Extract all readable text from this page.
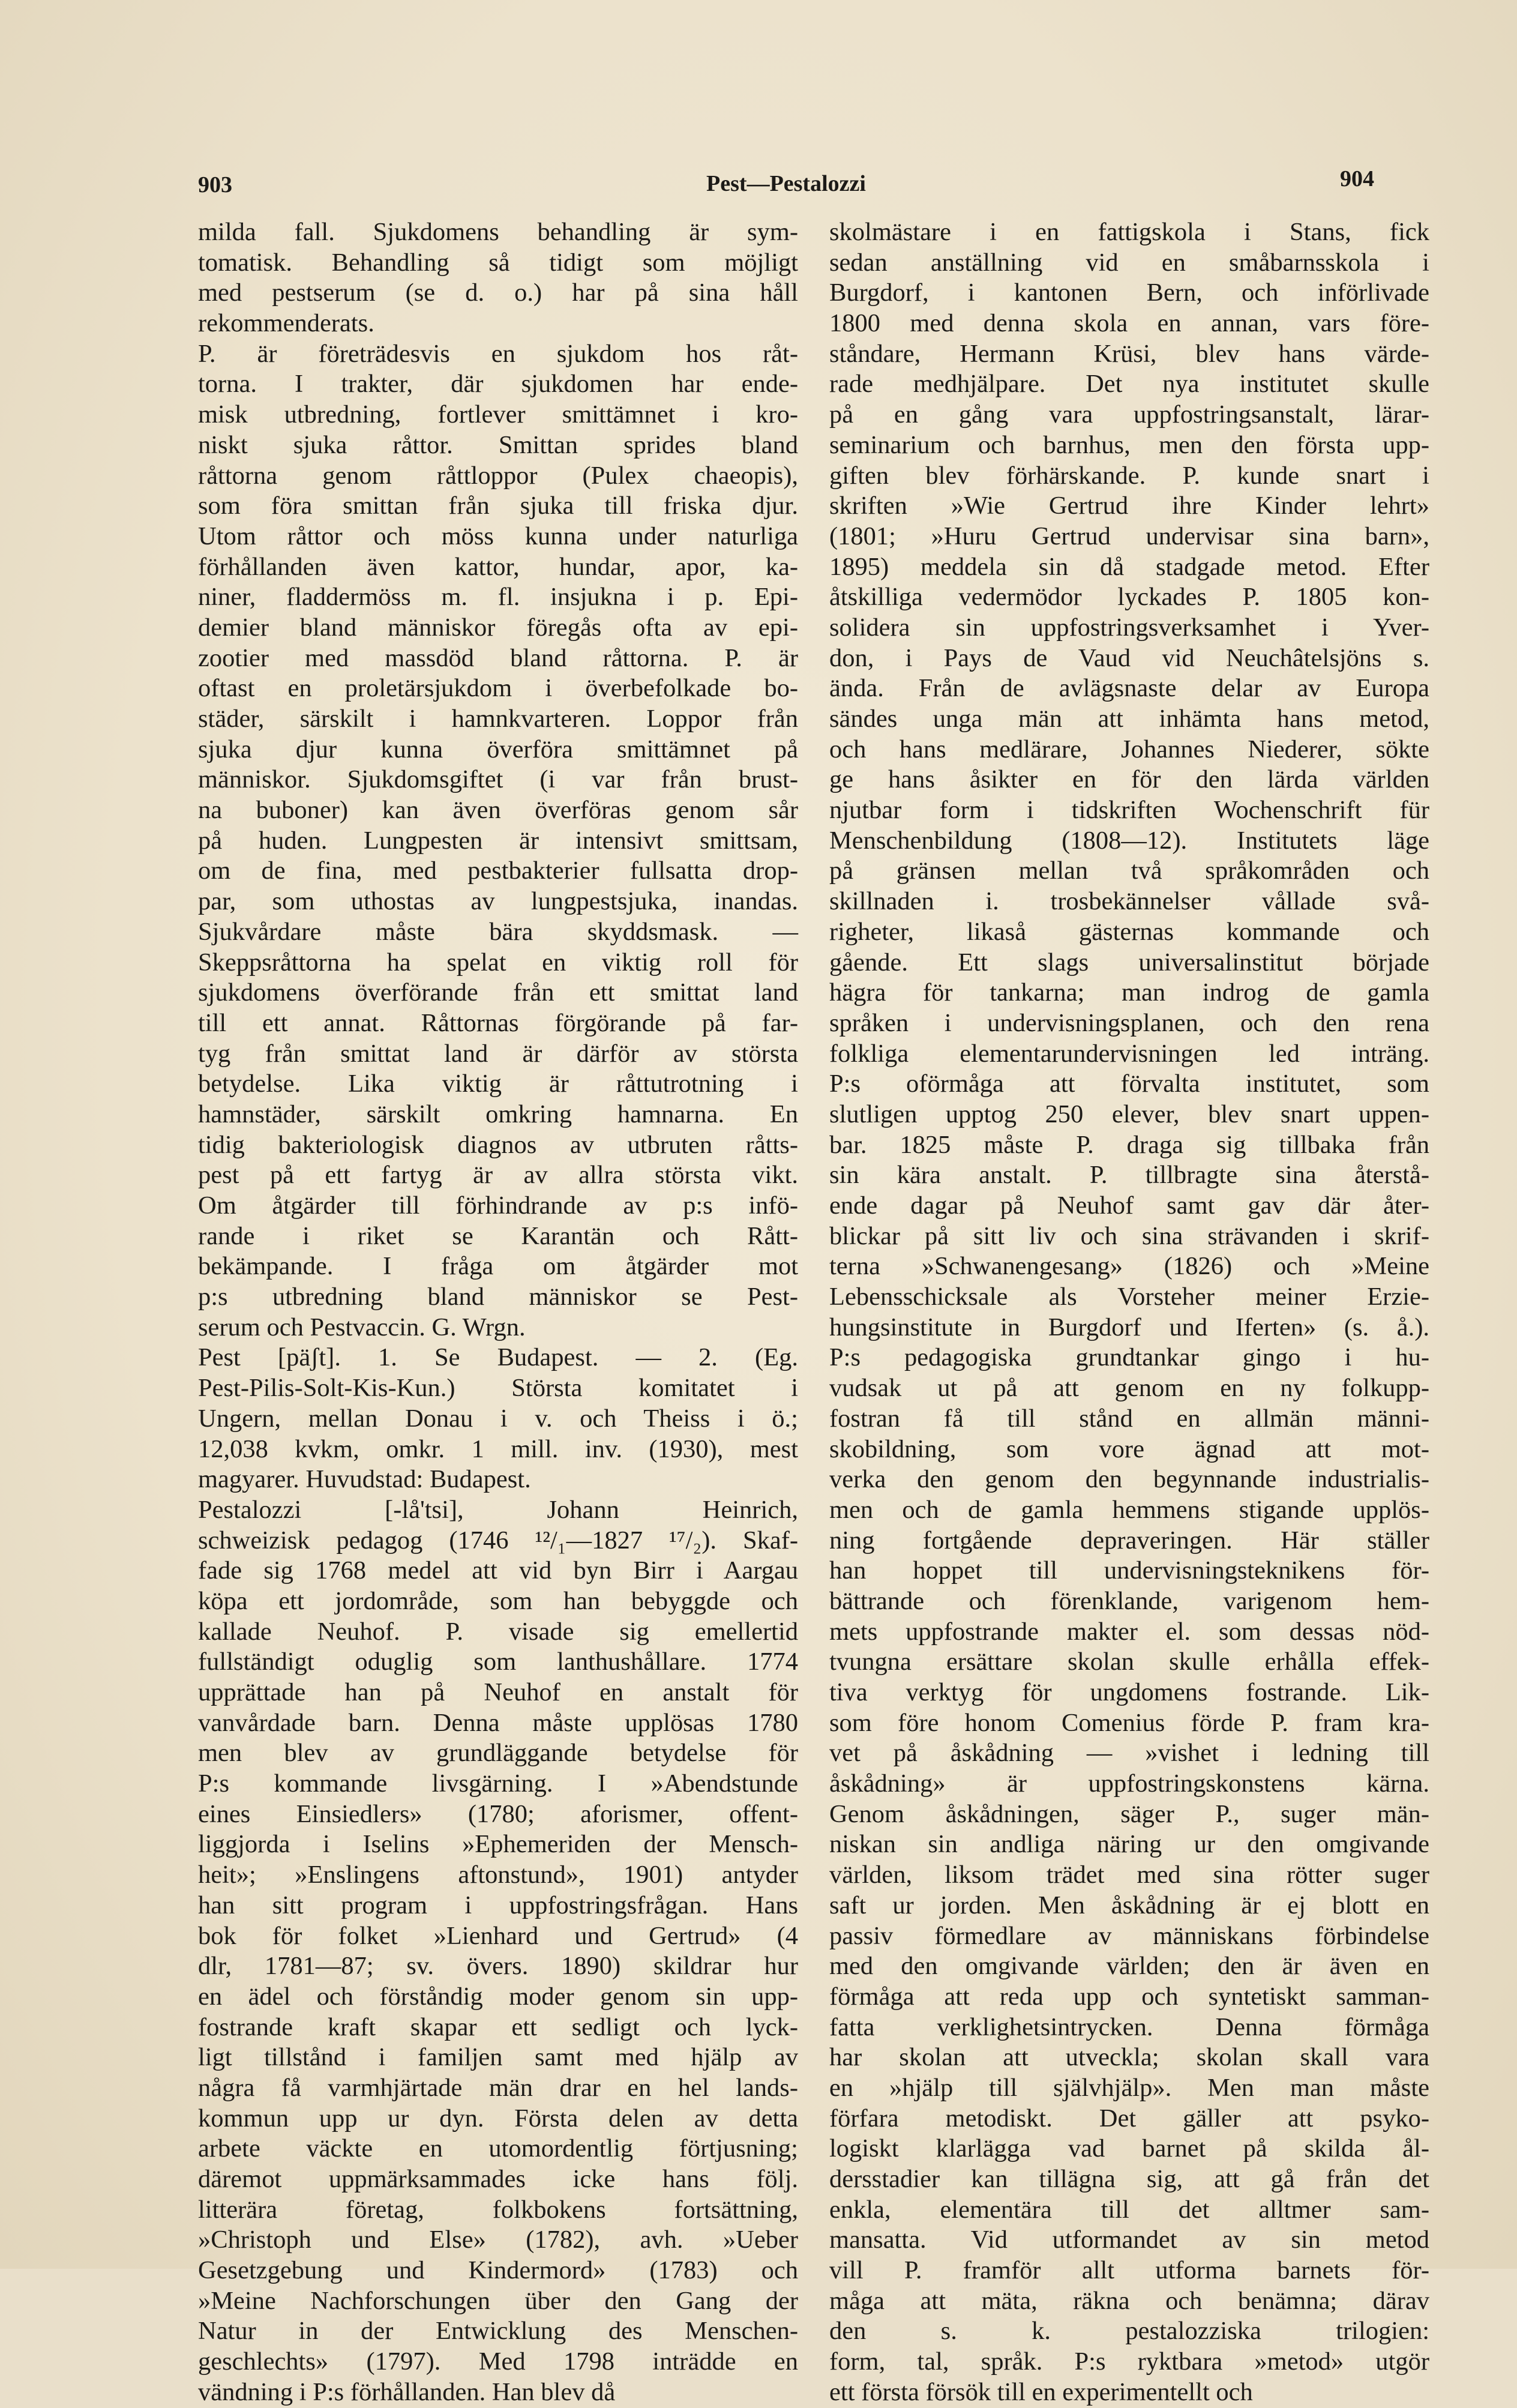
903	Pest—Pestalozzi	904
milda fall. Sjukdomens behandling är sym-
tomatisk. Behandling så tidigt som möjligt
med pestserum (se d. o.) har på sina håll
rekommenderats.
P. är företrädesvis en sjukdom hos råt-
torna. I trakter, där sjukdomen har ende-
misk utbredning, fortlever smittämnet i kro-
niskt sjuka råttor. Smittan sprides bland
råttorna genom råttloppor (Pulex chaeopis),
som föra smittan från sjuka till friska djur.
Utom råttor och möss kunna under naturliga
förhållanden även kattor, hundar, apor, ka-
niner, fladdermöss m. fl. insjukna i p. Epi-
demier bland människor föregås ofta av epi-
zootier med massdöd bland råttorna. P. är
oftast en proletärsjukdom i överbefolkade bo-
städer, särskilt i hamnkvarteren. Loppor från
sjuka djur kunna överföra smittämnet på
människor. Sjukdomsgiftet (i var från brust-
na buboner) kan även överföras genom sår
på huden. Lungpesten är intensivt smittsam,
om de fina, med pestbakterier fullsatta drop-
par, som uthostas av lungpestsjuka, inandas.
Sjukvårdare måste bära skyddsmask. —
Skeppsråttorna ha spelat en viktig roll för
sjukdomens överförande från ett smittat land
till ett annat. Råttornas förgörande på far-
tyg från smittat land är därför av största
betydelse. Lika viktig är råttutrotning i
hamnstäder, särskilt omkring hamnarna. En
tidig bakteriologisk diagnos av utbruten råtts-
pest på ett fartyg är av allra största vikt.
Om åtgärder till förhindrande av p:s infö-
rande i riket se Karantän och Rått-
bekämpande. I fråga om åtgärder mot
p:s utbredning bland människor se Pest-
serum och Pestvaccin. G. Wrgn.
Pest [päʃt]. 1. Se Budapest. — 2. (Eg.
Pest-Pilis-Solt-Kis-Kun.) Största komitatet i
Ungern, mellan Donau i v. och Theiss i ö.;
12,038 kvkm, omkr. 1 mill. inv. (1930), mest
magyarer. Huvudstad: Budapest.
Pestalozzi [-lå'tsi], Johann Heinrich,
schweizisk pedagog (1746 ¹²/₁—1827 ¹⁷/₂). Skaf-
fade sig 1768 medel att vid byn Birr i Aargau
köpa ett jordområde, som han bebyggde och
kallade Neuhof. P. visade sig emellertid
fullständigt oduglig som lanthushållare. 1774
upprättade han på Neuhof en anstalt för
vanvårdade barn. Denna måste upplösas 1780
men blev av grundläggande betydelse för
P:s kommande livsgärning. I »Abendstunde
eines Einsiedlers» (1780; aforismer, offent-
liggjorda i Iselins »Ephemeriden der Mensch-
heit»; »Enslingens aftonstund», 1901) antyder
han sitt program i uppfostringsfrågan. Hans
bok för folket »Lienhard und Gertrud» (4
dlr, 1781—87; sv. övers. 1890) skildrar hur
en ädel och förståndig moder genom sin upp-
fostrande kraft skapar ett sedligt och lyck-
ligt tillstånd i familjen samt med hjälp av
några få varmhjärtade män drar en hel lands-
kommun upp ur dyn. Första delen av detta
arbete väckte en utomordentlig förtjusning;
däremot uppmärksammades icke hans följ.
litterära företag, folkbokens fortsättning,
»Christoph und Else» (1782), avh. »Ueber
Gesetzgebung und Kindermord» (1783) och
»Meine Nachforschungen über den Gang der
Natur in der Entwicklung des Menschen-
geschlechts» (1797). Med 1798 inträdde en
vändning i P:s förhållanden. Han blev då
skolmästare i en fattigskola i Stans, fick
sedan anställning vid en småbarnsskola i
Burgdorf, i kantonen Bern, och införlivade
1800 med denna skola en annan, vars före-
ståndare, Hermann Krüsi, blev hans värde-
rade medhjälpare. Det nya institutet skulle
på en gång vara uppfostringsanstalt, lärar-
seminarium och barnhus, men den första upp-
giften blev förhärskande. P. kunde snart i
skriften »Wie Gertrud ihre Kinder lehrt»
(1801; »Huru Gertrud undervisar sina barn»,
1895) meddela sin då stadgade metod. Efter
åtskilliga vedermödor lyckades P. 1805 kon-
solidera sin uppfostringsverksamhet i Yver-
don, i Pays de Vaud vid Neuchâtelsjöns s.
ända. Från de avlägsnaste delar av Europa
sändes unga män att inhämta hans metod,
och hans medlärare, Johannes Niederer, sökte
ge hans åsikter en för den lärda världen
njutbar form i tidskriften Wochenschrift für
Menschenbildung (1808—12). Institutets läge
på gränsen mellan två språkområden och
skillnaden i. trosbekännelser vållade svå-
righeter, likaså gästernas kommande och
gående. Ett slags universalinstitut började
hägra för tankarna; man indrog de gamla
språken i undervisningsplanen, och den rena
folkliga elementarundervisningen led inträng.
P:s oförmåga att förvalta institutet, som
slutligen upptog 250 elever, blev snart uppen-
bar. 1825 måste P. draga sig tillbaka från
sin kära anstalt. P. tillbragte sina återstå-
ende dagar på Neuhof samt gav där åter-
blickar på sitt liv och sina strävanden i skrif-
terna »Schwanengesang» (1826) och »Meine
Lebensschicksale als Vorsteher meiner Erzie-
hungsinstitute in Burgdorf und Iferten» (s. å.).
P:s pedagogiska grundtankar gingo i hu-
vudsak ut på att genom en ny folkupp-
fostran få till stånd en allmän männi-
skobildning, som vore ägnad att mot-
verka den genom den begynnande industrialis-
men och de gamla hemmens stigande upplös-
ning fortgående depraveringen. Här ställer
han hoppet till undervisningsteknikens för-
bättrande och förenklande, varigenom hem-
mets uppfostrande makter el. som dessas nöd-
tvungna ersättare skolan skulle erhålla effek-
tiva verktyg för ungdomens fostrande. Lik-
som före honom Comenius förde P. fram kra-
vet på åskådning — »vishet i ledning till
åskådning» är uppfostringskonstens kärna.
Genom åskådningen, säger P., suger män-
niskan sin andliga näring ur den omgivande
världen, liksom trädet med sina rötter suger
saft ur jorden. Men åskådning är ej blott en
passiv förmedlare av människans förbindelse
med den omgivande världen; den är även en
förmåga att reda upp och syntetiskt samman-
fatta verklighetsintrycken. Denna förmåga
har skolan att utveckla; skolan skall vara
en »hjälp till självhjälp». Men man måste
förfara metodiskt. Det gäller att psyko-
logiskt klarlägga vad barnet på skilda ål-
dersstadier kan tillägna sig, att gå från det
enkla, elementära till det alltmer sam-
mansatta. Vid utformandet av sin metod
vill P. framför allt utforma barnets för-
måga att mäta, räkna och benämna; därav
den s. k. pestalozziska trilogien:
form, tal, språk. P:s ryktbara »metod» utgör
ett första försök till en experimentellt och
